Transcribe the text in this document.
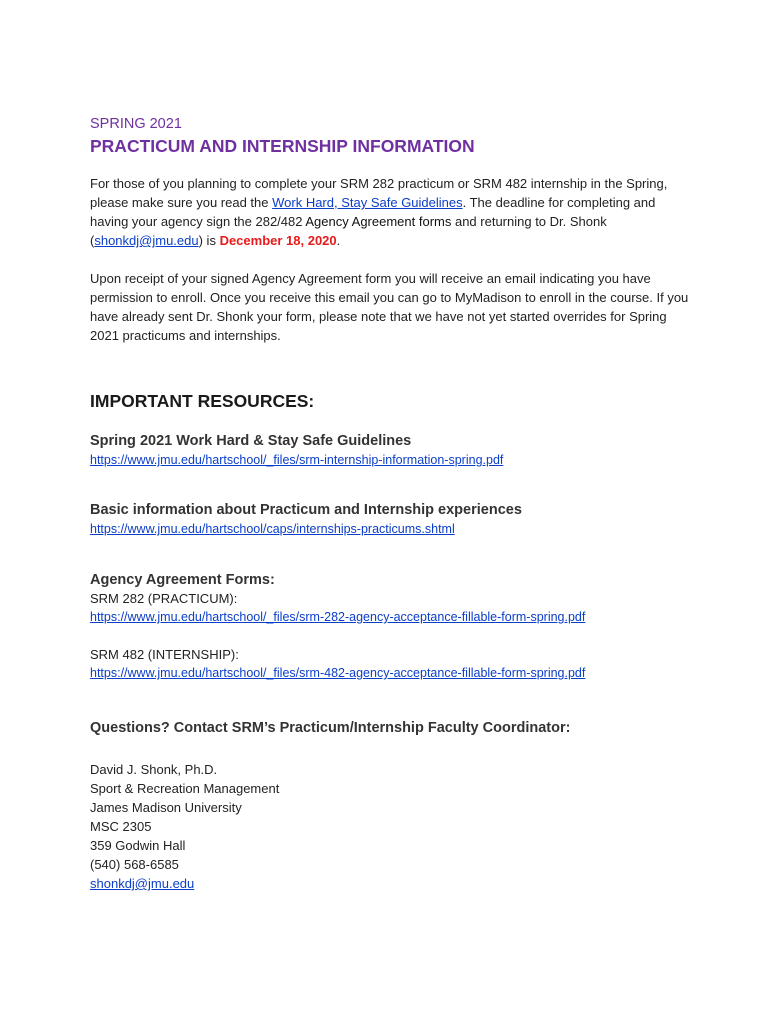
SPRING 2021
PRACTICUM AND INTERNSHIP INFORMATION

For those of you planning to complete your SRM 282 practicum or SRM 482 internship in the Spring, please make sure you read the Work Hard, Stay Safe Guidelines. The deadline for completing and having your agency sign the 282/482 Agency Agreement forms and returning to Dr. Shonk (shonkdj@jmu.edu) is December 18, 2020.

Upon receipt of your signed Agency Agreement form you will receive an email indicating you have permission to enroll. Once you receive this email you can go to MyMadison to enroll in the course. If you have already sent Dr. Shonk your form, please note that we have not yet started overrides for Spring 2021 practicums and internships.

IMPORTANT RESOURCES:
Spring 2021 Work Hard & Stay Safe Guidelines
https://www.jmu.edu/hartschool/_files/srm-internship-information-spring.pdf
Basic information about Practicum and Internship experiences
https://www.jmu.edu/hartschool/caps/internships-practicums.shtml
Agency Agreement Forms:
SRM 282 (PRACTICUM):
https://www.jmu.edu/hartschool/_files/srm-282-agency-acceptance-fillable-form-spring.pdf
SRM 482 (INTERNSHIP):
https://www.jmu.edu/hartschool/_files/srm-482-agency-acceptance-fillable-form-spring.pdf
Questions? Contact SRM’s Practicum/Internship Faculty Coordinator:
David J. Shonk, Ph.D.
Sport & Recreation Management
James Madison University
MSC 2305
359 Godwin Hall
(540) 568-6585
shonkdj@jmu.edu
